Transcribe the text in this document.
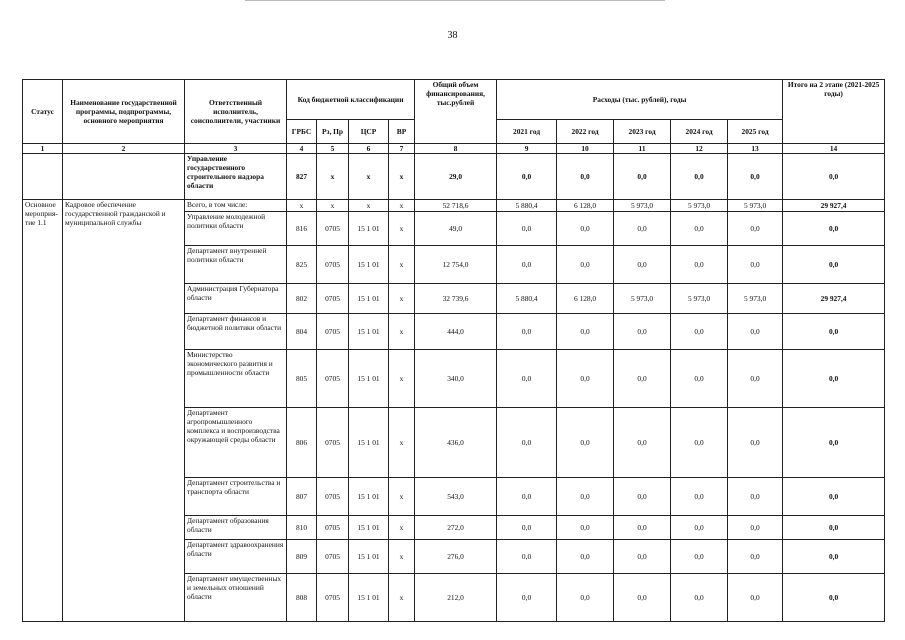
38
Статус	Наименование государственной программы, подпрограммы, основного мероприятия	Ответственный исполнитель, соисполнители, участники	Код бюджетной классификации				Общий объем финансирования, тыс.рублей	Расходы (тыс. рублей), годы					Итого на 2 этапе (2021-2025 годы)
			ГРБС	Рз, Пр	ЦСР	ВР		2021 год	2022 год	2023 год	2024 год	2025 год	
1	2	3	4	5	6	7	8	9	10	11	12	13	14
		Управление государственного строительного надзора области	827	х	х	х	29,0	0,0	0,0	0,0	0,0	0,0	0,0
Основное мероприя-тие 1.1	Кадровое обеспечение государственной гражданской и муниципальной службы	Всего, в том числе:	х	х	х	х	52 718,6	5 880,4	6 128,0	5 973,0	5 973,0	5 973,0	29 927,4
		Управление молодежной политики области	816	0705	15 1 01	х	49,0	0,0	0,0	0,0	0,0	0,0	0,0
		Департамент внутренней политики области	825	0705	15 1 01	х	12 754,0	0,0	0,0	0,0	0,0	0,0	0,0
		Администрация Губернатора области	802	0705	15 1 01	х	32 739,6	5 880,4	6 128,0	5 973,0	5 973,0	5 973,0	29 927,4
		Департамент финансов и бюджетной политики области	804	0705	15 1 01	х	444,0	0,0	0,0	0,0	0,0	0,0	0,0
		Министерство экономического развития и промышленности области	805	0705	15 1 01	х	340,0	0,0	0,0	0,0	0,0	0,0	0,0
		Департамент агропромышленного комплекса и воспроизводства окружающей среды области	806	0705	15 1 01	х	436,0	0,0	0,0	0,0	0,0	0,0	0,0
		Департамент строительства и транспорта области	807	0705	15 1 01	х	543,0	0,0	0,0	0,0	0,0	0,0	0,0
		Департамент образования области	810	0705	15 1 01	х	272,0	0,0	0,0	0,0	0,0	0,0	0,0
		Департамент здравоохранения области	809	0705	15 1 01	х	276,0	0,0	0,0	0,0	0,0	0,0	0,0
		Департамент имущественных и земельных отношений области	808	0705	15 1 01	х	212,0	0,0	0,0	0,0	0,0	0,0	0,0
